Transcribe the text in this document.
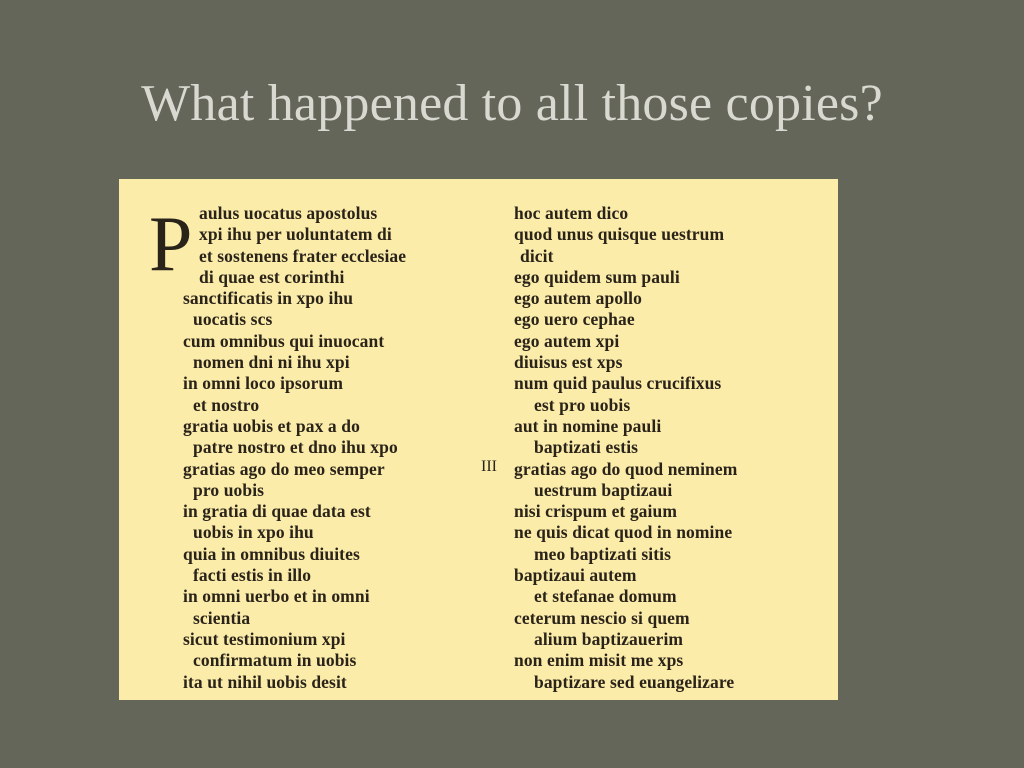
What happened to all those copies?
P
III
aulus uocatus apostolus
xpi ihu per uoluntatem di
et sostenens frater ecclesiae
di quae est corinthi
sanctificatis in xpo ihu
uocatis scs
cum omnibus qui inuocant
nomen dni ni ihu xpi
in omni loco ipsorum
et nostro
gratia uobis et pax a do
patre nostro et dno ihu xpo
gratias ago do meo semper
pro uobis
in gratia di quae data est
uobis in xpo ihu
quia in omnibus diuites
facti estis in illo
in omni uerbo et in omni
scientia
sicut testimonium xpi
confirmatum in uobis
ita ut nihil uobis desit
hoc autem dico
quod unus quisque uestrum
dicit
ego quidem sum pauli
ego autem apollo
ego uero cephae
ego autem xpi
diuisus est xps
num quid paulus crucifixus
est pro uobis
aut in nomine pauli
baptizati estis
gratias ago do quod neminem
uestrum baptizaui
nisi crispum et gaium
ne quis dicat quod in nomine
meo baptizati sitis
baptizaui autem
et stefanae domum
ceterum nescio si quem
alium baptizauerim
non enim misit me xps
baptizare sed euangelizare
